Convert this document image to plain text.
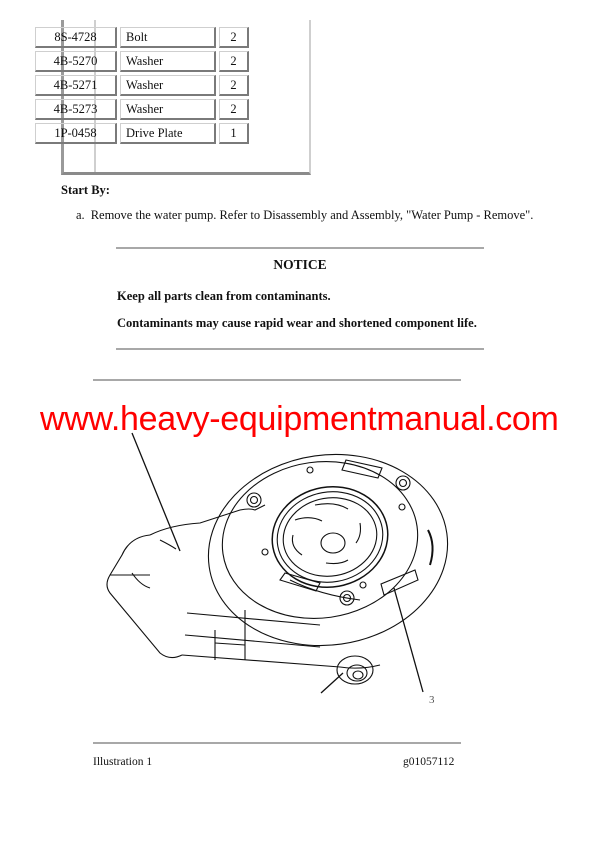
8S-4728	Bolt	2
4B-5270	Washer	2
4B-5271	Washer	2
4B-5273	Washer	2
1P-0458	Drive Plate	1
Start By:
a. Remove the water pump. Refer to Disassembly and Assembly, "Water Pump - Remove".
NOTICE
Keep all parts clean from contaminants.
Contaminants may cause rapid wear and shortened component life.
www.heavy-equipmentmanual.com
3
Illustration 1	g01057112
